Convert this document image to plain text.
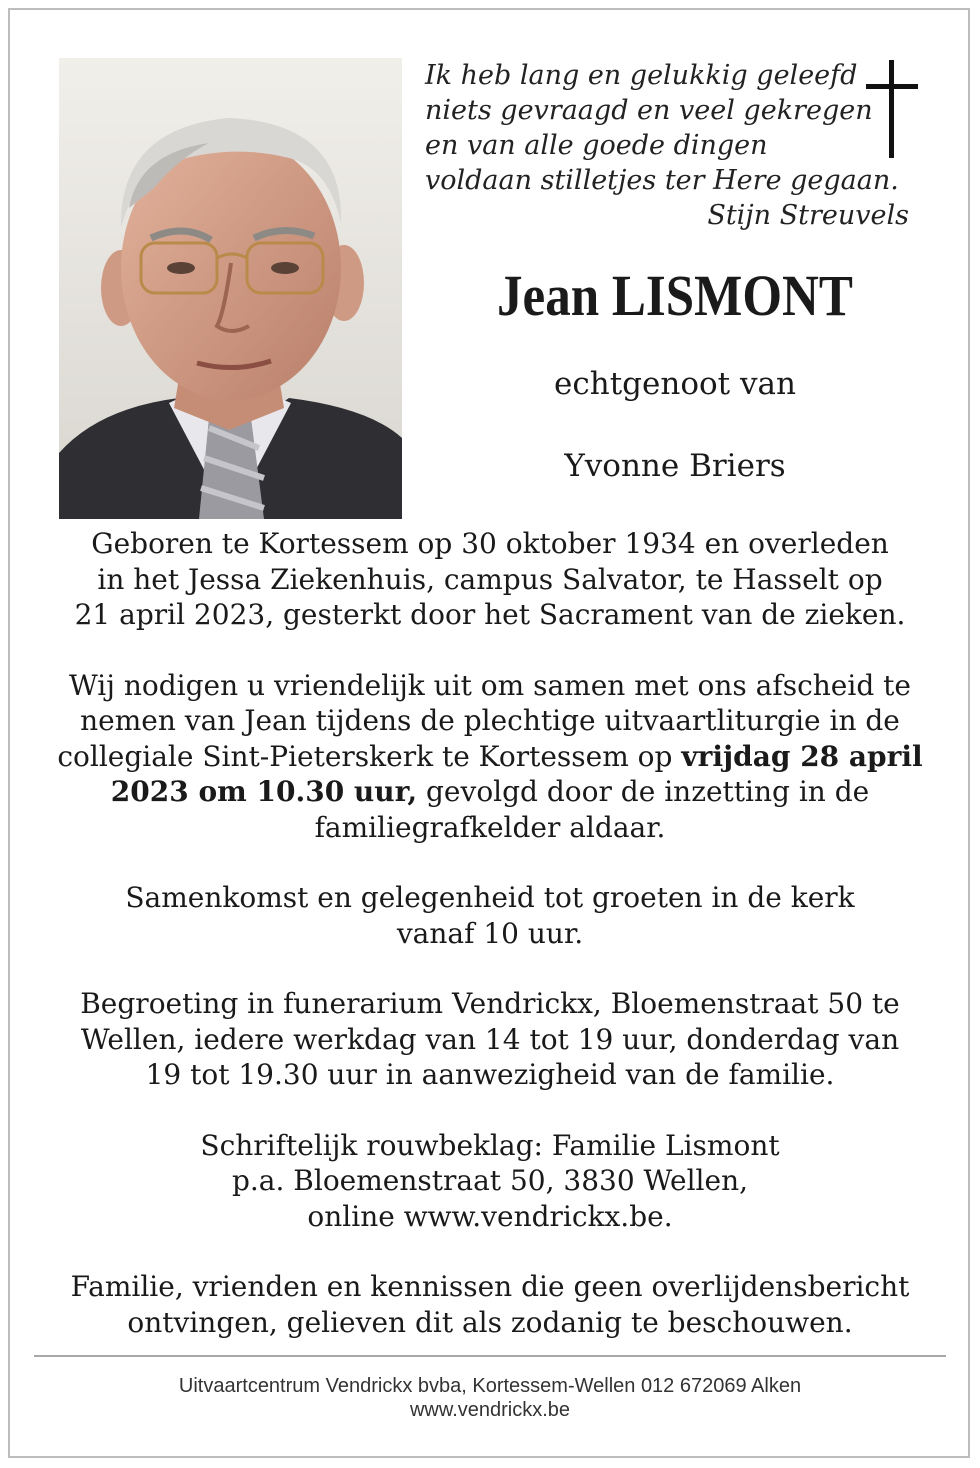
Ik heb lang en gelukkig geleefd
niets gevraagd en veel gekregen
en van alle goede dingen
voldaan stilletjes ter Here gegaan.
Stijn Streuvels
Jean LISMONT
echtgenoot van
Yvonne Briers

Geboren te Kortessem op 30 oktober 1934 en overleden
in het Jessa Ziekenhuis, campus Salvator, te Hasselt op
21 april 2023, gesterkt door het Sacrament van de zieken.

Wij nodigen u vriendelijk uit om samen met ons afscheid te
nemen van Jean tijdens de plechtige uitvaartliturgie in de
collegiale Sint-Pieterskerk te Kortessem op vrijdag 28 april
2023 om 10.30 uur, gevolgd door de inzetting in de
familiegrafkelder aldaar.

Samenkomst en gelegenheid tot groeten in de kerk
vanaf 10 uur.

Begroeting in funerarium Vendrickx, Bloemenstraat 50 te
Wellen, iedere werkdag van 14 tot 19 uur, donderdag van
19 tot 19.30 uur in aanwezigheid van de familie.

Schriftelijk rouwbeklag: Familie Lismont
p.a. Bloemenstraat 50, 3830 Wellen,
online www.vendrickx.be.

Familie, vrienden en kennissen die geen overlijdensbericht
ontvingen, gelieven dit als zodanig te beschouwen.

Uitvaartcentrum Vendrickx bvba, Kortessem-Wellen 012 672069 Alken
www.vendrickx.be
